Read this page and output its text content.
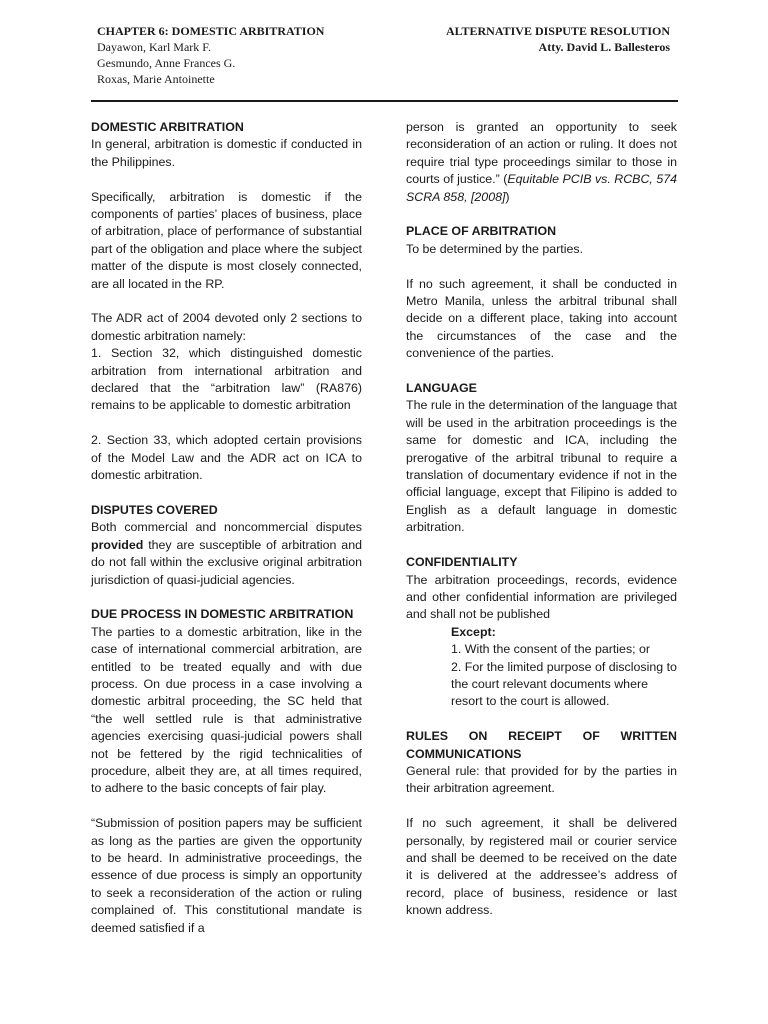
CHAPTER 6: DOMESTIC ARBITRATION
Dayawon, Karl Mark F.
Gesmundo, Anne Frances G.
Roxas, Marie Antoinette
ALTERNATIVE DISPUTE RESOLUTION
Atty. David L. Ballesteros
DOMESTIC ARBITRATION

In general, arbitration is domestic if conducted in the Philippines.

Specifically, arbitration is domestic if the components of parties’ places of business, place of arbitration, place of performance of substantial part of the obligation and place where the subject matter of the dispute is most closely connected, are all located in the RP.

The ADR act of 2004 devoted only 2 sections to domestic arbitration namely:

1. Section 32, which distinguished domestic arbitration from international arbitration and declared that the “arbitration law” (RA876) remains to be applicable to domestic arbitration

2. Section 33, which adopted certain provisions of the Model Law and the ADR act on ICA to domestic arbitration.

DISPUTES COVERED

Both commercial and noncommercial disputes provided they are susceptible of arbitration and do not fall within the exclusive original arbitration jurisdiction of quasi-judicial agencies.

DUE PROCESS IN DOMESTIC ARBITRATION

The parties to a domestic arbitration, like in the case of international commercial arbitration, are entitled to be treated equally and with due process. On due process in a case involving a domestic arbitral proceeding, the SC held that “the well settled rule is that administrative agencies exercising quasi-judicial powers shall not be fettered by the rigid technicalities of procedure, albeit they are, at all times required, to adhere to the basic concepts of fair play.

“Submission of position papers may be sufficient as long as the parties are given the opportunity to be heard. In administrative proceedings, the essence of due process is simply an opportunity to seek a reconsideration of the action or ruling complained of. This constitutional mandate is deemed satisfied if a

person is granted an opportunity to seek reconsideration of an action or ruling. It does not require trial type proceedings similar to those in courts of justice.” (Equitable PCIB vs. RCBC, 574 SCRA 858, [2008])

PLACE OF ARBITRATION

To be determined by the parties.

If no such agreement, it shall be conducted in Metro Manila, unless the arbitral tribunal shall decide on a different place, taking into account the circumstances of the case and the convenience of the parties.

LANGUAGE

The rule in the determination of the language that will be used in the arbitration proceedings is the same for domestic and ICA, including the prerogative of the arbitral tribunal to require a translation of documentary evidence if not in the official language, except that Filipino is added to English as a default language in domestic arbitration.

CONFIDENTIALITY

The arbitration proceedings, records, evidence and other confidential information are privileged and shall not be published

Except:

1. With the consent of the parties; or

2. For the limited purpose of disclosing to the court relevant documents where resort to the court is allowed.

RULES ON RECEIPT OF WRITTEN COMMUNICATIONS

General rule: that provided for by the parties in their arbitration agreement.

If no such agreement, it shall be delivered personally, by registered mail or courier service and shall be deemed to be received on the date it is delivered at the addressee’s address of record, place of business, residence or last known address.
